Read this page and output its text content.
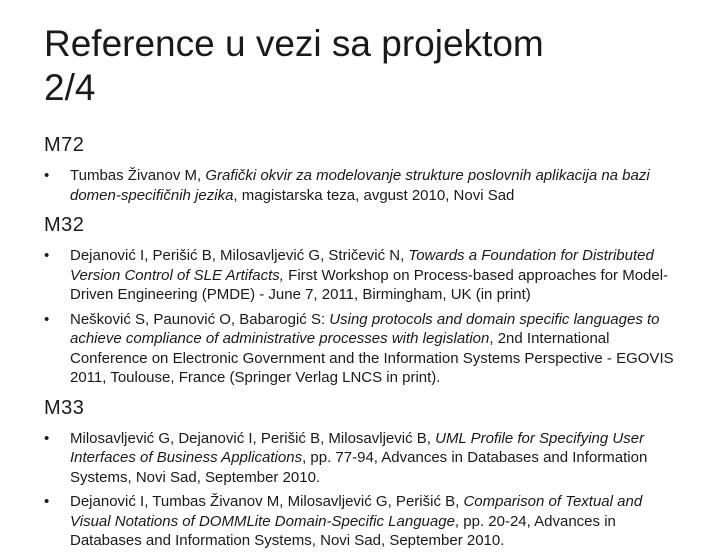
Reference u vezi sa projektom
2/4
M72
• Tumbas Živanov M, Grafički okvir za modelovanje strukture poslovnih aplikacija na bazi domen-specifičnih jezika, magistarska teza, avgust 2010, Novi Sad
M32
• Dejanović I, Perišić B, Milosavljević G, Stričević N, Towards a Foundation for Distributed Version Control of SLE Artifacts, First Workshop on Process-based approaches for Model-Driven Engineering (PMDE) - June 7, 2011, Birmingham, UK (in print)
• Nešković S, Paunović O, Babarogić S: Using protocols and domain specific languages to achieve compliance of administrative processes with legislation, 2nd International Conference on Electronic Government and the Information Systems Perspective - EGOVIS 2011, Toulouse, France (Springer Verlag LNCS in print).
M33
• Milosavljević G, Dejanović I, Perišić B, Milosavljević B, UML Profile for Specifying User Interfaces of Business Applications, pp. 77-94, Advances in Databases and Information Systems, Novi Sad, September 2010.
• Dejanović I, Tumbas Živanov M, Milosavljević G, Perišić B, Comparison of Textual and Visual Notations of DOMMLite Domain-Specific Language, pp. 20-24, Advances in Databases and Information Systems, Novi Sad, September 2010.
